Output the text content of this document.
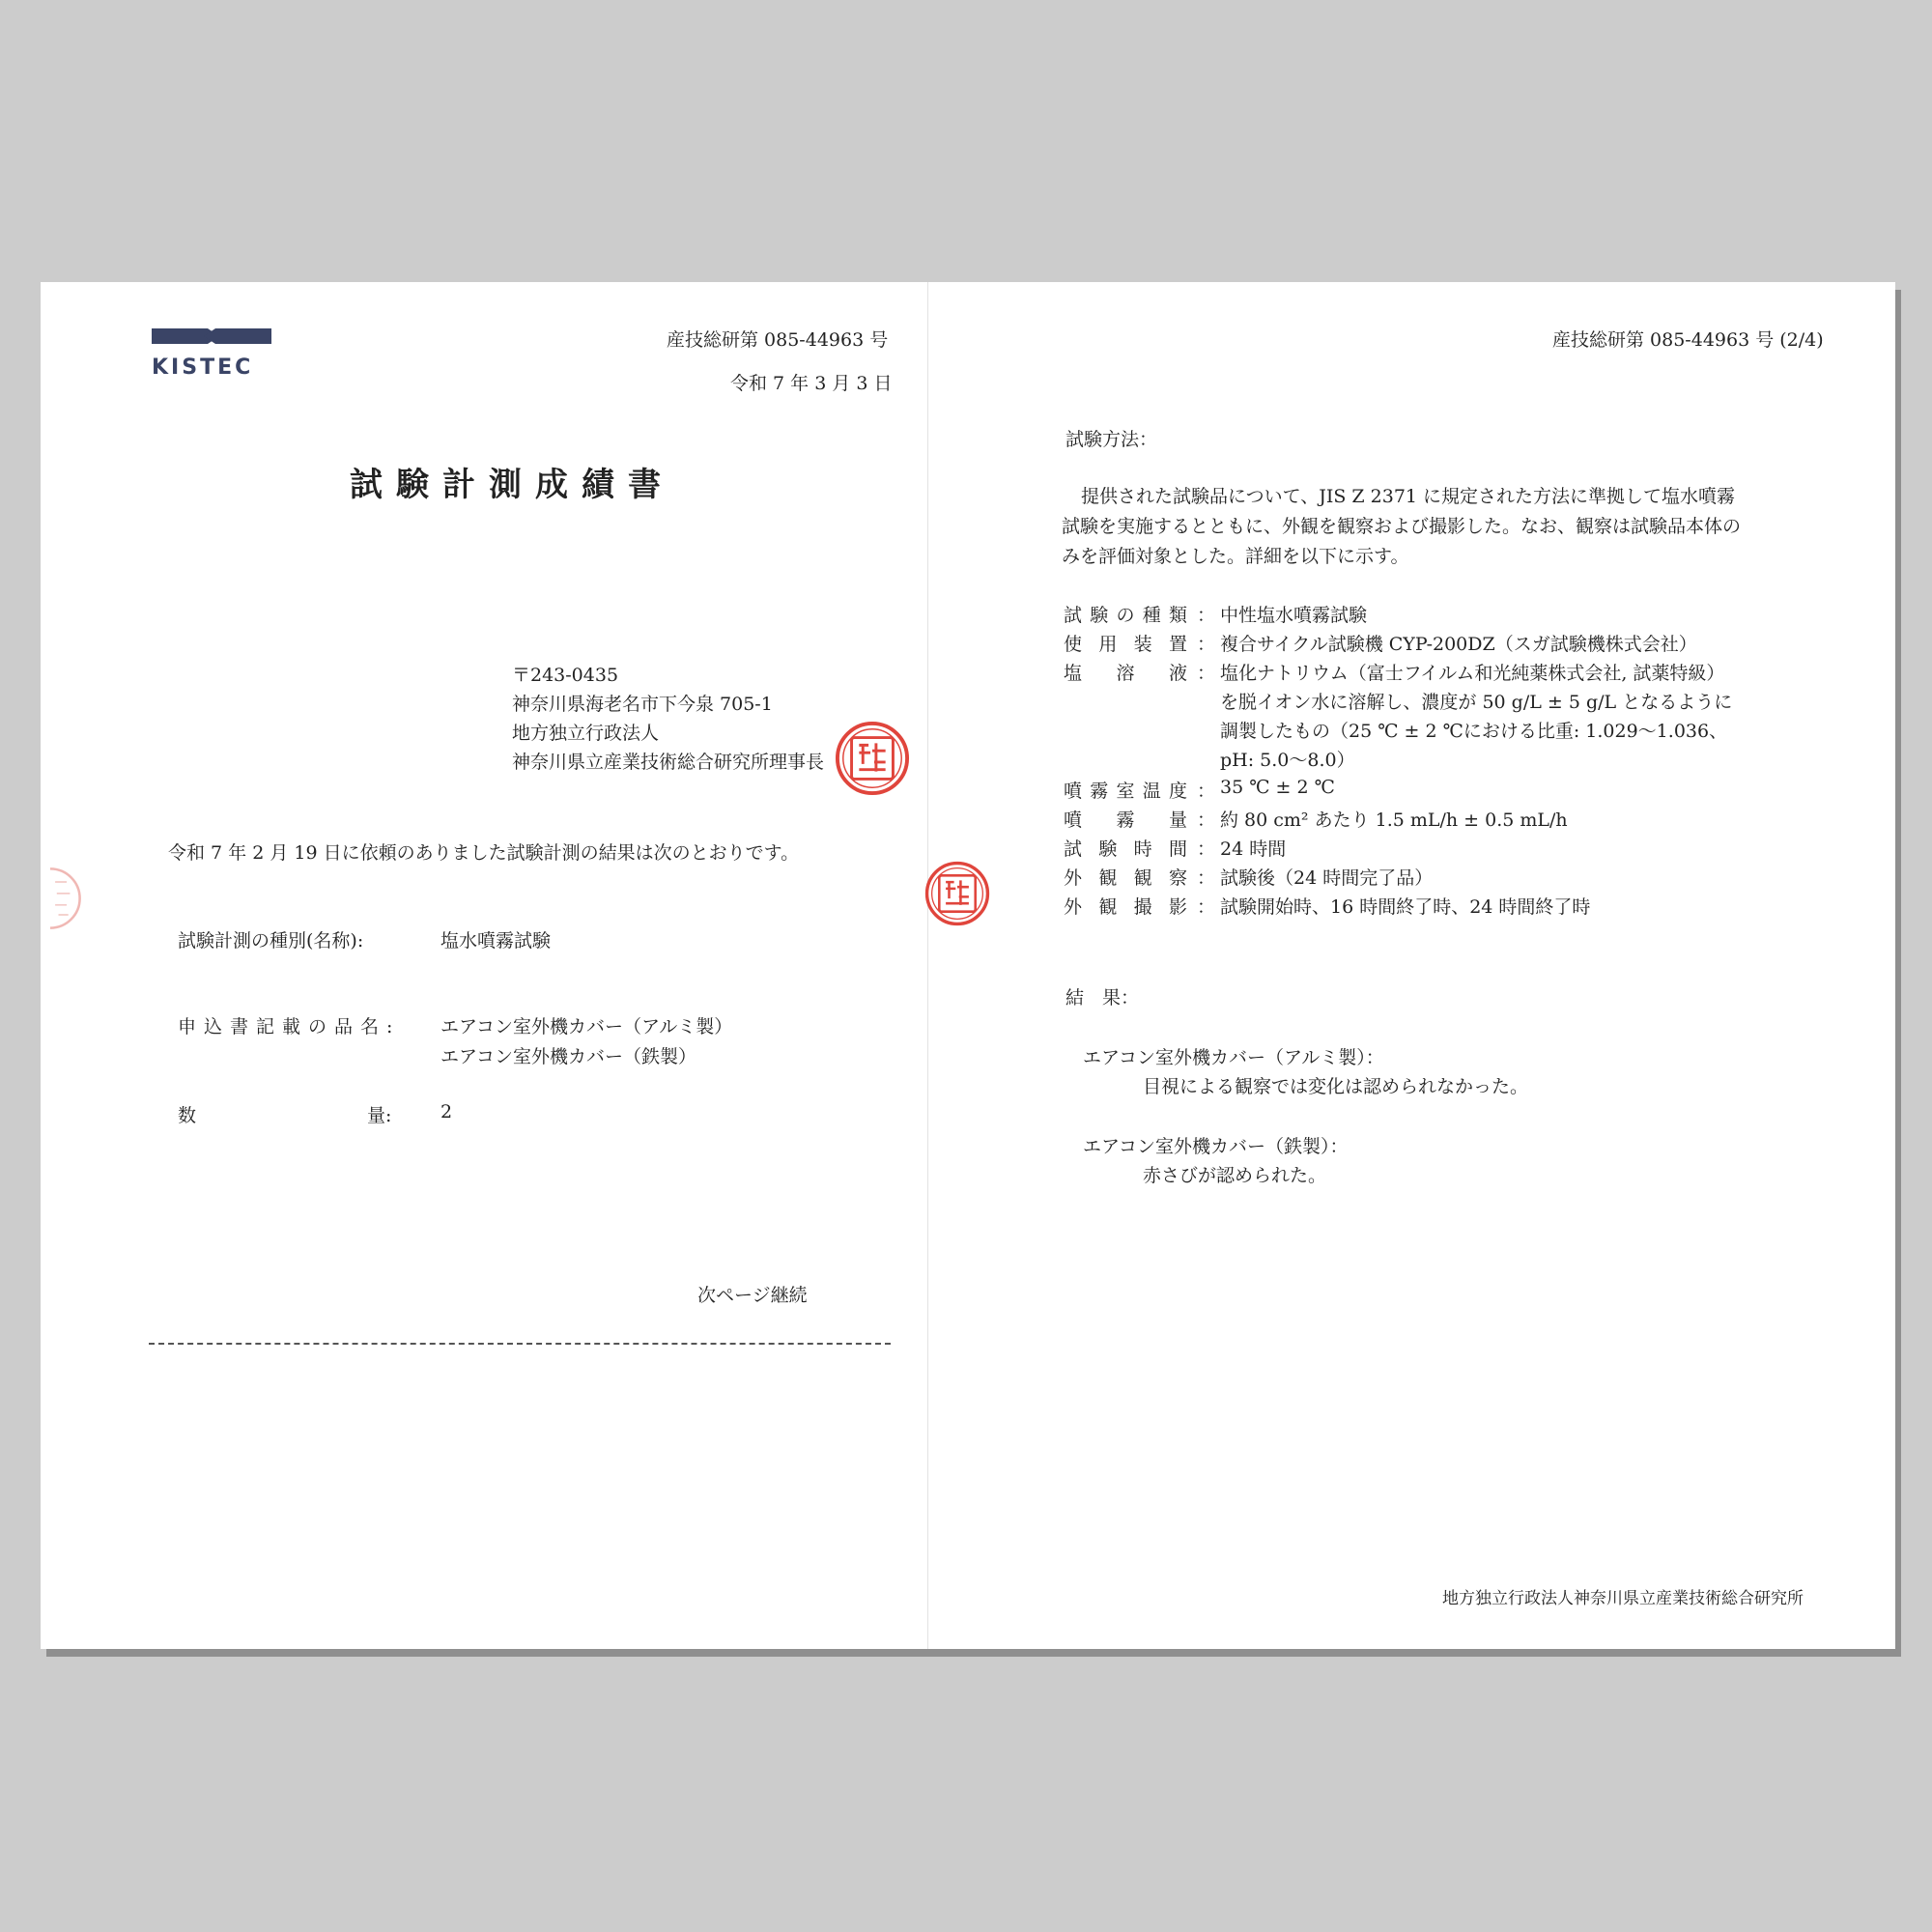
KISTEC
産技総研第 085-44963 号
令和 7 年 3 月 3 日
試験計測成績書
〒243-0435
神奈川県海老名市下今泉 705-1
地方独立行政法人
神奈川県立産業技術総合研究所理事長
令和 7 年 2 月 19 日に依頼のありました試験計測の結果は次のとおりです。
試験計測の種別(名称):	塩水噴霧試験
申込書記載の品名: エアコン室外機カバー（アルミ製）
エアコン室外機カバー（鉄製）
数	量:	2
次ページ継続
産技総研第 085-44963 号 (2/4)
試験方法：
提供された試験品について、JIS Z 2371 に規定された方法に準拠して塩水噴霧
試験を実施するとともに、外観を観察および撮影した。なお、観察は試験品本体の
みを評価対象とした。詳細を以下に示す。
試 験 の 種 類 ： 中性塩水噴霧試験
使 用 装 置 ： 複合サイクル試験機 CYP-200DZ（スガ試験機株式会社）
塩 溶 液 ： 塩化ナトリウム（富士フイルム和光純薬株式会社, 試薬特級）
を脱イオン水に溶解し、濃度が 50 g/L ± 5 g/L となるように
調製したもの（25 ℃ ± 2 ℃における比重: 1.029～1.036、
pH: 5.0～8.0）
噴 霧 室 温 度 ： 35 ℃ ± 2 ℃
噴 霧 量 ： 約 80 cm² あたり 1.5 mL/h ± 0.5 mL/h
試 験 時 間 ： 24 時間
外 観 観 察 ： 試験後（24 時間完了品）
外 観 撮 影 ： 試験開始時、16 時間終了時、24 時間終了時
結　果：
エアコン室外機カバー（アルミ製）：
目視による観察では変化は認められなかった。
エアコン室外機カバー（鉄製）：
赤さびが認められた。
地方独立行政法人神奈川県立産業技術総合研究所
